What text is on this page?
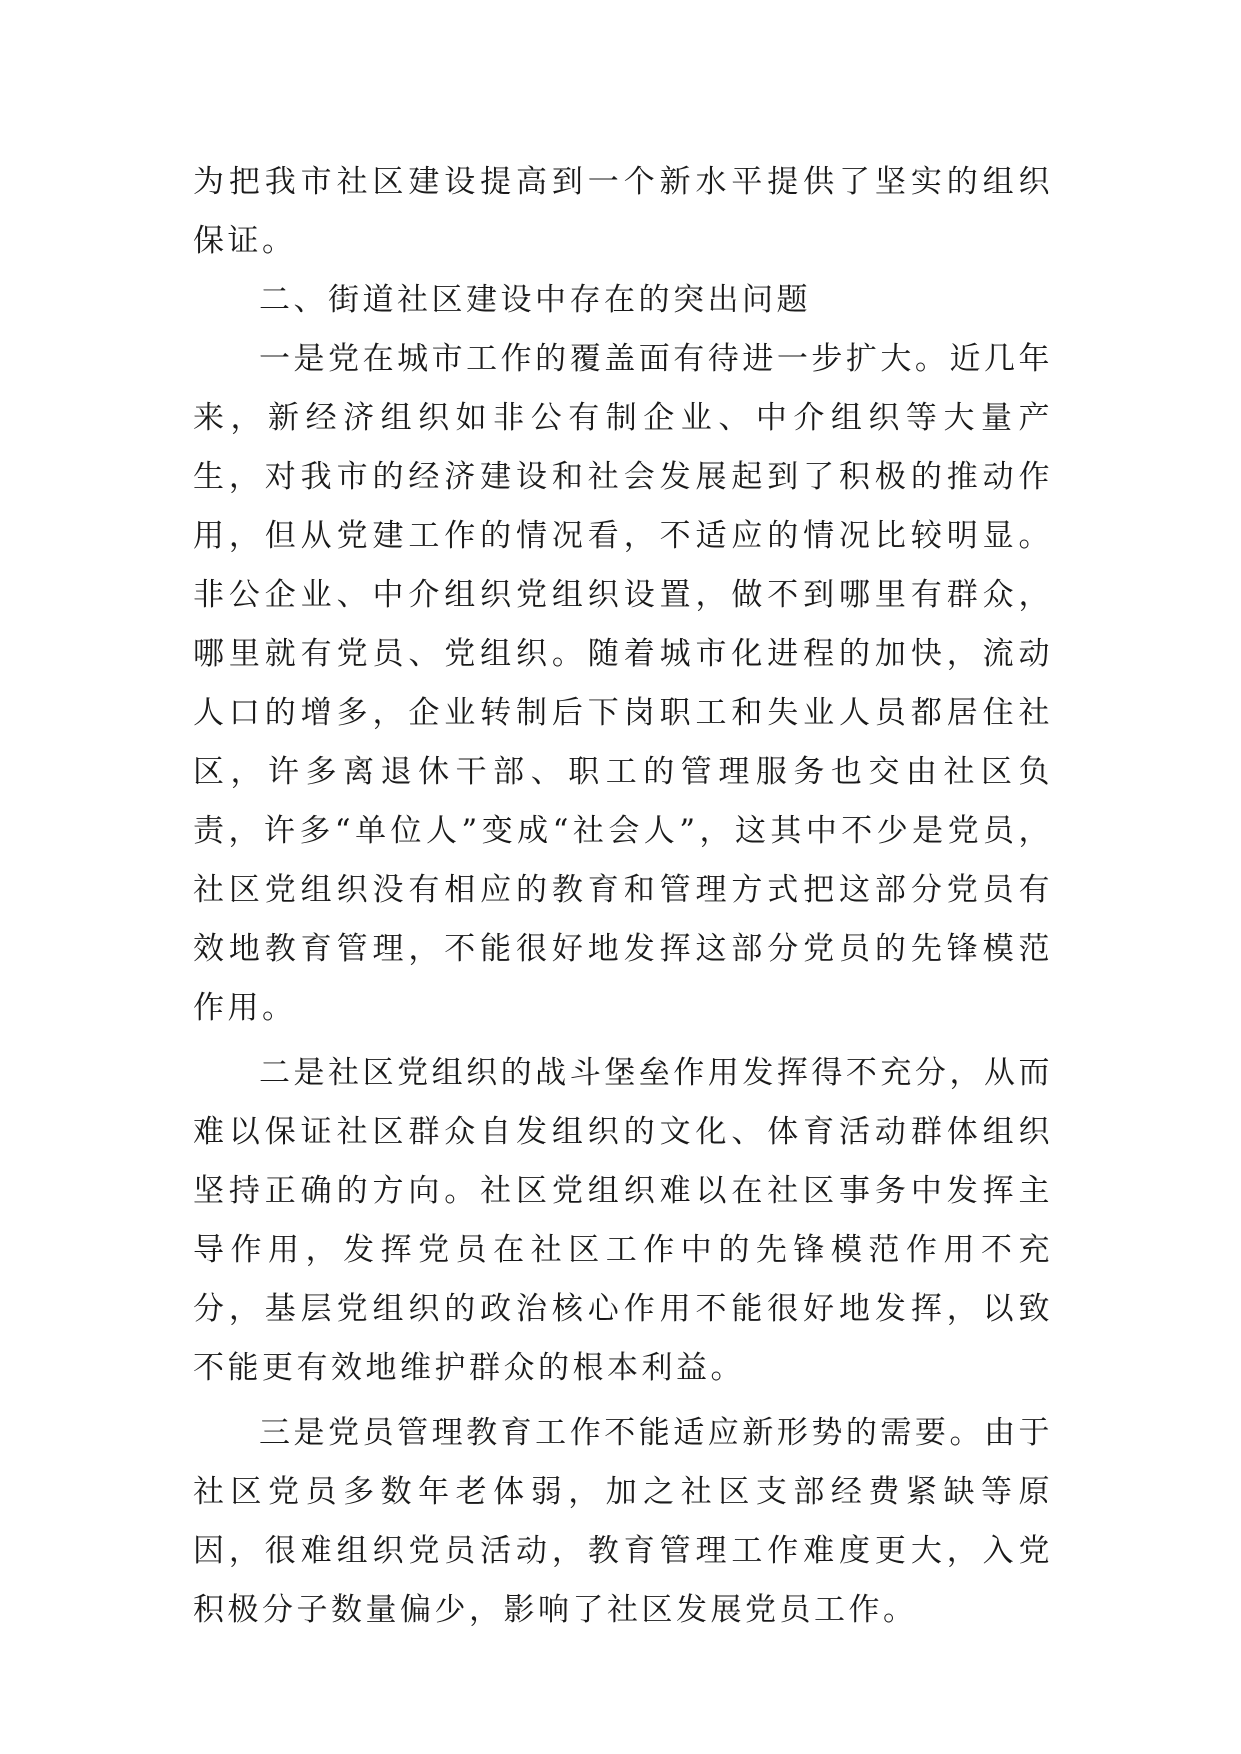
为把我市社区建设提高到一个新水平提供了坚实的组织保证。

二、街道社区建设中存在的突出问题

一是党在城市工作的覆盖面有待进一步扩大。近几年来，新经济组织如非公有制企业、中介组织等大量产生，对我市的经济建设和社会发展起到了积极的推动作用，但从党建工作的情况看，不适应的情况比较明显。非公企业、中介组织党组织设置，做不到哪里有群众，哪里就有党员、党组织。随着城市化进程的加快，流动人口的增多，企业转制后下岗职工和失业人员都居住社区，许多离退休干部、职工的管理服务也交由社区负责，许多“单位人”变成“社会人”，这其中不少是党员，社区党组织没有相应的教育和管理方式把这部分党员有效地教育管理，不能很好地发挥这部分党员的先锋模范作用。

二是社区党组织的战斗堡垒作用发挥得不充分，从而难以保证社区群众自发组织的文化、体育活动群体组织坚持正确的方向。社区党组织难以在社区事务中发挥主导作用，发挥党员在社区工作中的先锋模范作用不充分，基层党组织的政治核心作用不能很好地发挥，以致不能更有效地维护群众的根本利益。

三是党员管理教育工作不能适应新形势的需要。由于社区党员多数年老体弱，加之社区支部经费紧缺等原因，很难组织党员活动，教育管理工作难度更大，入党积极分子数量偏少，影响了社区发展党员工作。
